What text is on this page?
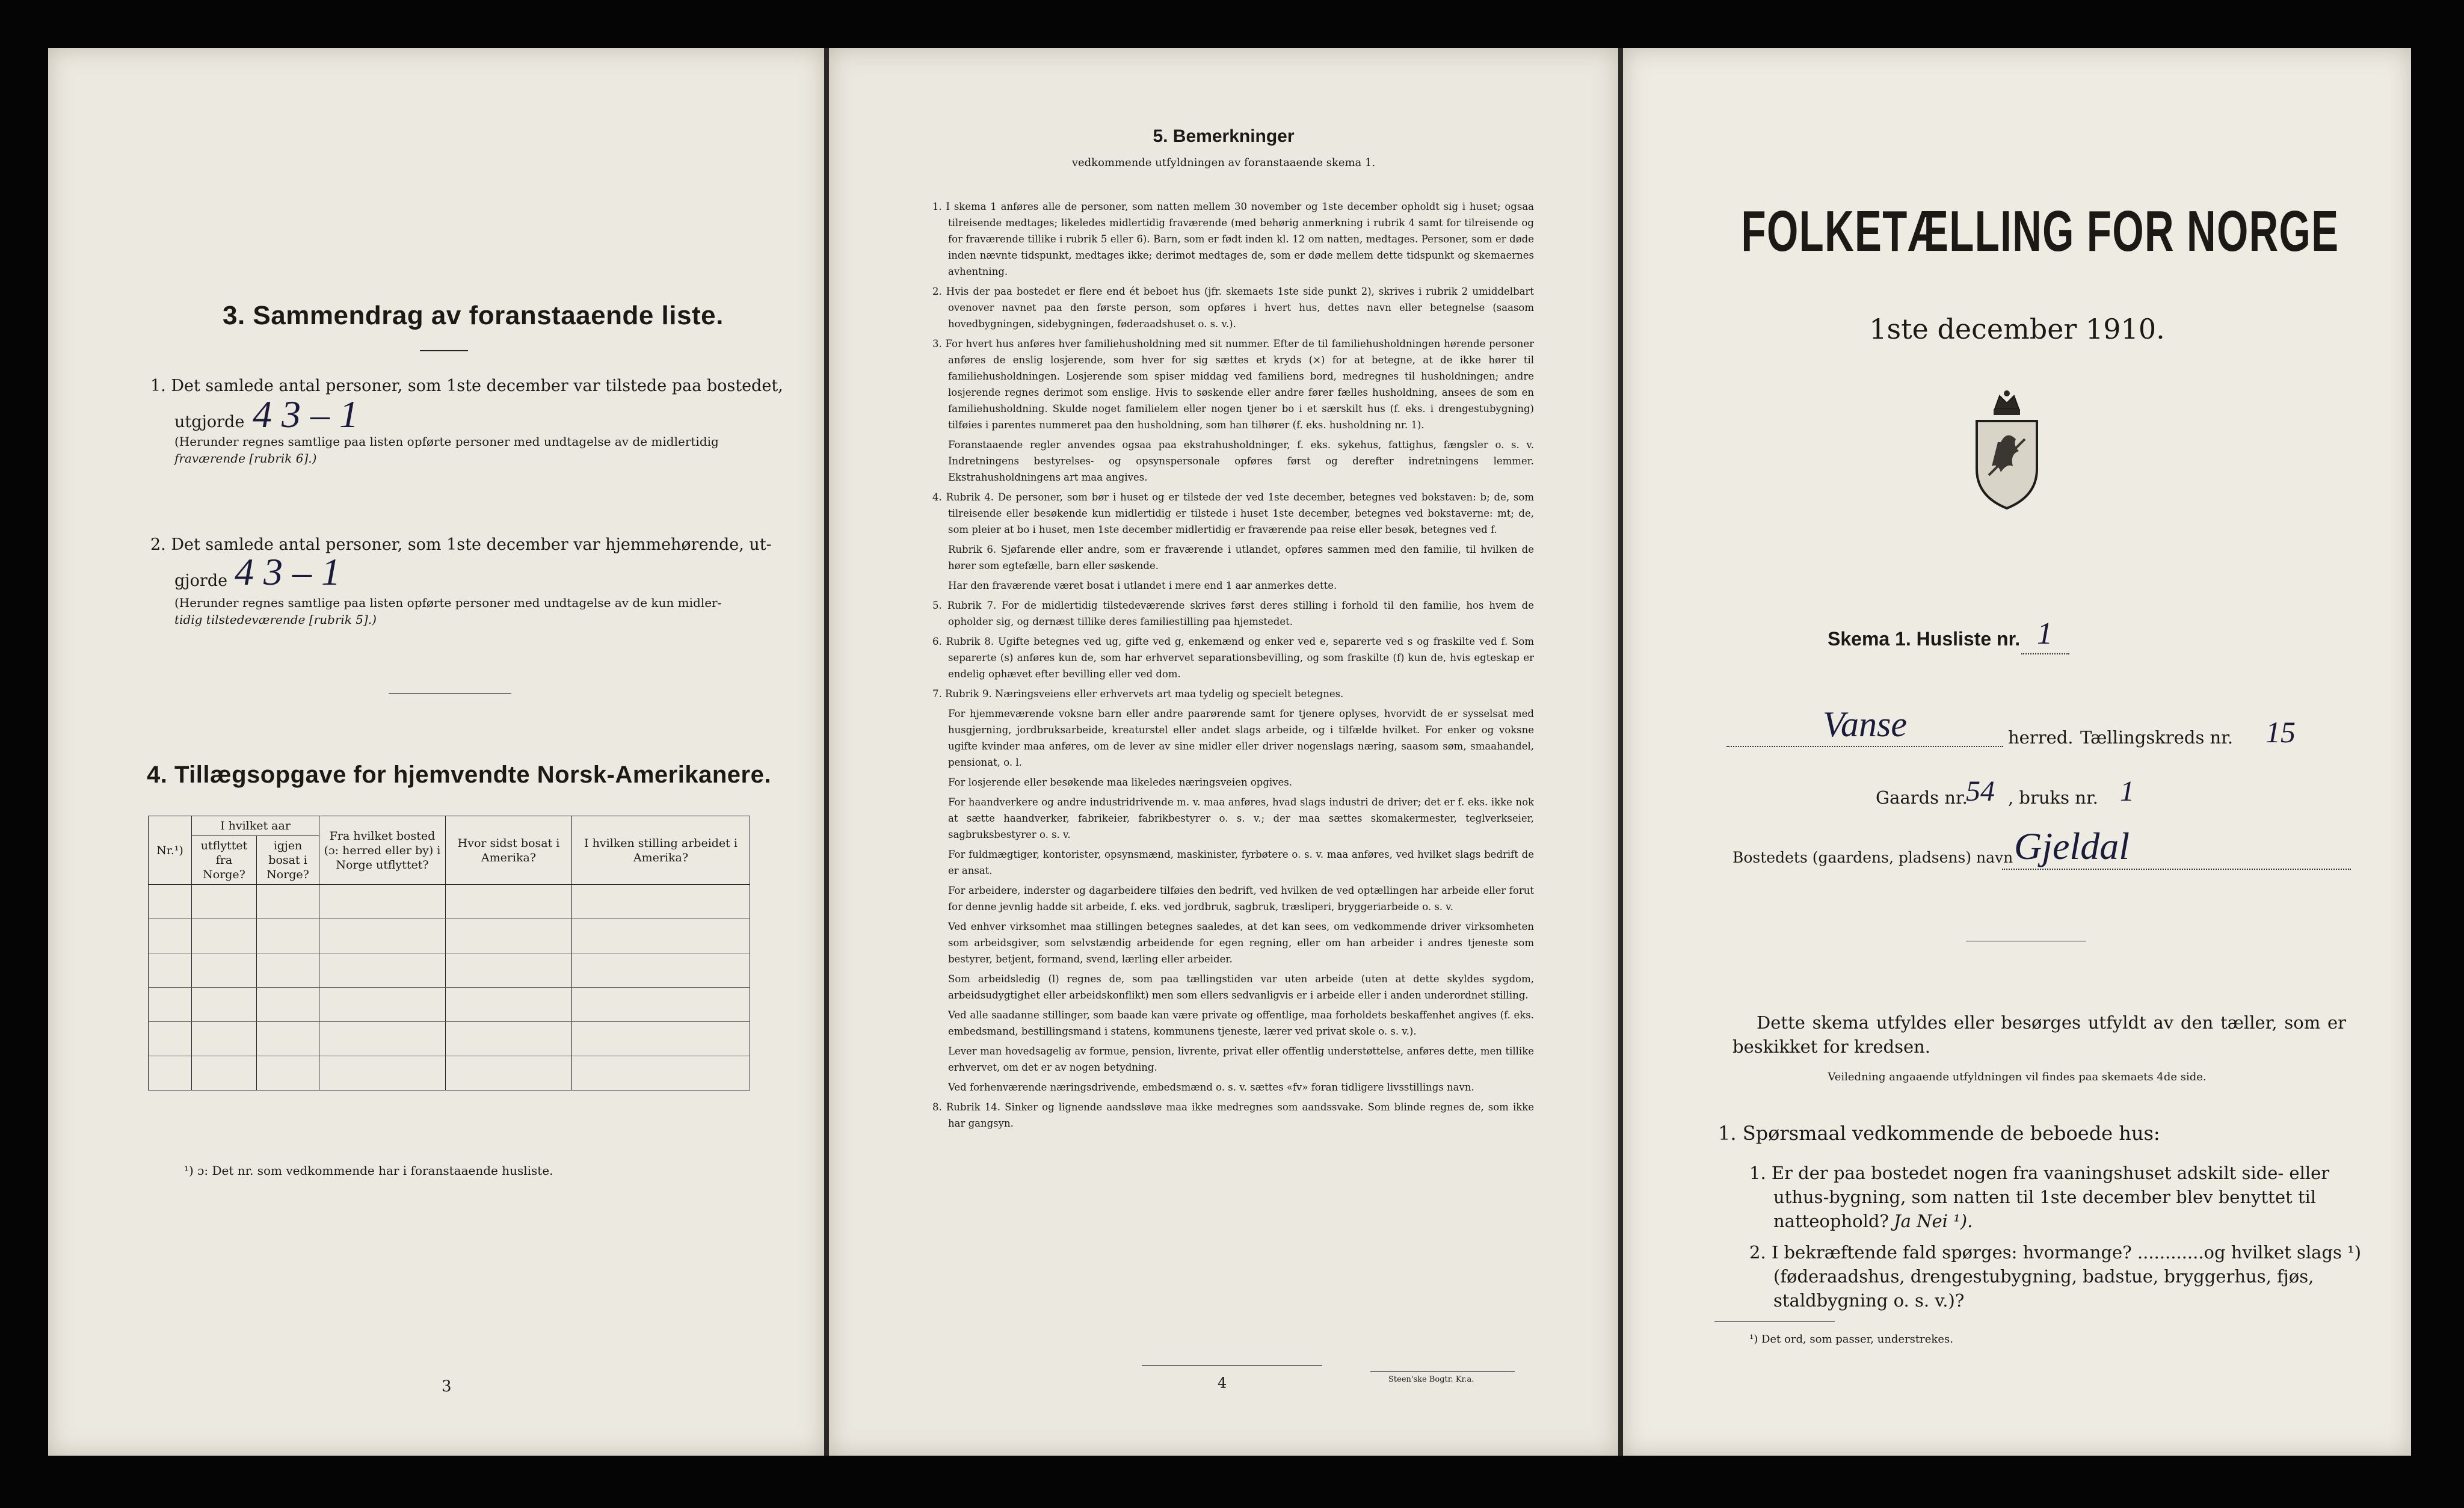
3. Sammendrag av foranstaaende liste.
1. Det samlede antal personer, som 1ste december var tilstede paa bostedet,
utgjorde 4 3 – 1
(Herunder regnes samtlige paa listen opførte personer med undtagelse av de midlertidig
fraværende [rubrik 6].)
2. Det samlede antal personer, som 1ste december var hjemmehørende, ut-
gjorde 4 3 – 1
(Herunder regnes samtlige paa listen opførte personer med undtagelse av de kun midler-
tidig tilstedeværende [rubrik 5].)
4. Tillægsopgave for hjemvendte Norsk-Amerikanere.
Nr.¹)	I hvilket aar		Fra hvilket bosted (ɔ: herred eller by) i Norge utflyttet?	Hvor sidst bosat i Amerika?	I hvilken stilling arbeidet i Amerika?
	utflyttet fra Norge?	igjen bosat i Norge?			

¹) ɔ: Det nr. som vedkommende har i foranstaaende husliste.
3
5. Bemerkninger
vedkommende utfyldningen av foranstaaende skema 1.

1. I skema 1 anføres alle de personer, som natten mellem 30 november og 1ste december opholdt sig i huset; ogsaa tilreisende medtages; likeledes midlertidig fraværende (med behørig anmerkning i rubrik 4 samt for tilreisende og for fraværende tillike i rubrik 5 eller 6). Barn, som er født inden kl. 12 om natten, medtages. Personer, som er døde inden nævnte tidspunkt, medtages ikke; derimot medtages de, som er døde mellem dette tidspunkt og skemaernes avhentning.

2. Hvis der paa bostedet er flere end ét beboet hus (jfr. skemaets 1ste side punkt 2), skrives i rubrik 2 umiddelbart ovenover navnet paa den første person, som opføres i hvert hus, dettes navn eller betegnelse (saasom hovedbygningen, sidebygningen, føderaadshuset o. s. v.).

3. For hvert hus anføres hver familiehusholdning med sit nummer. Efter de til familiehusholdningen hørende personer anføres de enslig losjerende, som hver for sig sættes et kryds (×) for at betegne, at de ikke hører til familiehusholdningen. Losjerende som spiser middag ved familiens bord, medregnes til husholdningen; andre losjerende regnes derimot som enslige. Hvis to søskende eller andre fører fælles husholdning, ansees de som en familiehusholdning. Skulde noget familielem eller nogen tjener bo i et særskilt hus (f. eks. i drengestubygning) tilføies i parentes nummeret paa den husholdning, som han tilhører (f. eks. husholdning nr. 1).

Foranstaaende regler anvendes ogsaa paa ekstrahusholdninger, f. eks. sykehus, fattighus, fængsler o. s. v. Indretningens bestyrelses- og opsynspersonale opføres først og derefter indretningens lemmer. Ekstrahusholdningens art maa angives.

4. Rubrik 4. De personer, som bør i huset og er tilstede der ved 1ste december, betegnes ved bokstaven: b; de, som tilreisende eller besøkende kun midlertidig er tilstede i huset 1ste december, betegnes ved bokstaverne: mt; de, som pleier at bo i huset, men 1ste december midlertidig er fraværende paa reise eller besøk, betegnes ved f.

Rubrik 6. Sjøfarende eller andre, som er fraværende i utlandet, opføres sammen med den familie, til hvilken de hører som egtefælle, barn eller søskende.

Har den fraværende været bosat i utlandet i mere end 1 aar anmerkes dette.

5. Rubrik 7. For de midlertidig tilstedeværende skrives først deres stilling i forhold til den familie, hos hvem de opholder sig, og dernæst tillike deres familiestilling paa hjemstedet.

6. Rubrik 8. Ugifte betegnes ved ug, gifte ved g, enkemænd og enker ved e, separerte ved s og fraskilte ved f. Som separerte (s) anføres kun de, som har erhvervet separationsbevilling, og som fraskilte (f) kun de, hvis egteskap er endelig ophævet efter bevilling eller ved dom.

7. Rubrik 9. Næringsveiens eller erhvervets art maa tydelig og specielt betegnes.

For hjemmeværende voksne barn eller andre paarørende samt for tjenere oplyses, hvorvidt de er sysselsat med husgjerning, jordbruksarbeide, kreaturstel eller andet slags arbeide, og i tilfælde hvilket. For enker og voksne ugifte kvinder maa anføres, om de lever av sine midler eller driver nogenslags næring, saasom søm, smaahandel, pensionat, o. l.

For losjerende eller besøkende maa likeledes næringsveien opgives.

For haandverkere og andre industridrivende m. v. maa anføres, hvad slags industri de driver; det er f. eks. ikke nok at sætte haandverker, fabrikeier, fabrikbestyrer o. s. v.; der maa sættes skomakermester, teglverkseier, sagbruksbestyrer o. s. v.

For fuldmægtiger, kontorister, opsynsmænd, maskinister, fyrbøtere o. s. v. maa anføres, ved hvilket slags bedrift de er ansat.

For arbeidere, inderster og dagarbeidere tilføies den bedrift, ved hvilken de ved optællingen har arbeide eller forut for denne jevnlig hadde sit arbeide, f. eks. ved jordbruk, sagbruk, træsliperi, bryggeriarbeide o. s. v.

Ved enhver virksomhet maa stillingen betegnes saaledes, at det kan sees, om vedkommende driver virksomheten som arbeidsgiver, som selvstændig arbeidende for egen regning, eller om han arbeider i andres tjeneste som bestyrer, betjent, formand, svend, lærling eller arbeider.

Som arbeidsledig (l) regnes de, som paa tællingstiden var uten arbeide (uten at dette skyldes sygdom, arbeidsudygtighet eller arbeidskonflikt) men som ellers sedvanligvis er i arbeide eller i anden underordnet stilling.

Ved alle saadanne stillinger, som baade kan være private og offentlige, maa forholdets beskaffenhet angives (f. eks. embedsmand, bestillingsmand i statens, kommunens tjeneste, lærer ved privat skole o. s. v.).

Lever man hovedsagelig av formue, pension, livrente, privat eller offentlig understøttelse, anføres dette, men tillike erhvervet, om det er av nogen betydning.

Ved forhenværende næringsdrivende, embedsmænd o. s. v. sættes «fv» foran tidligere livsstillings navn.

8. Rubrik 14. Sinker og lignende aandssløve maa ikke medregnes som aandssvake. Som blinde regnes de, som ikke har gangsyn.

4	Steen'ske Bogtr. Kr.a.
FOLKETÆLLING FOR NORGE
1ste december 1910.
Skema 1. Husliste nr. 1
Vanse	herred. Tællingskreds nr. 15
Gaards nr.
54 , bruks nr. 1
Bostedets (gaardens, pladsens) navn Gjeldal
Dette skema utfyldes eller besørges utfyldt av den tæller, som er beskikket for kredsen.
Veiledning angaaende utfyldningen vil findes paa skemaets 4de side.
1. Spørsmaal vedkommende de beboede hus:
1. Er der paa bostedet nogen fra vaaningshuset adskilt side- eller uthus-bygning, som natten til 1ste december blev benyttet til natteophold? Ja Nei ¹).
2. I bekræftende fald spørges: hvormange? ............og hvilket slags ¹) (føderaadshus, drengestubygning, badstue, bryggerhus, fjøs, staldbygning o. s. v.)?
¹) Det ord, som passer, understrekes.
